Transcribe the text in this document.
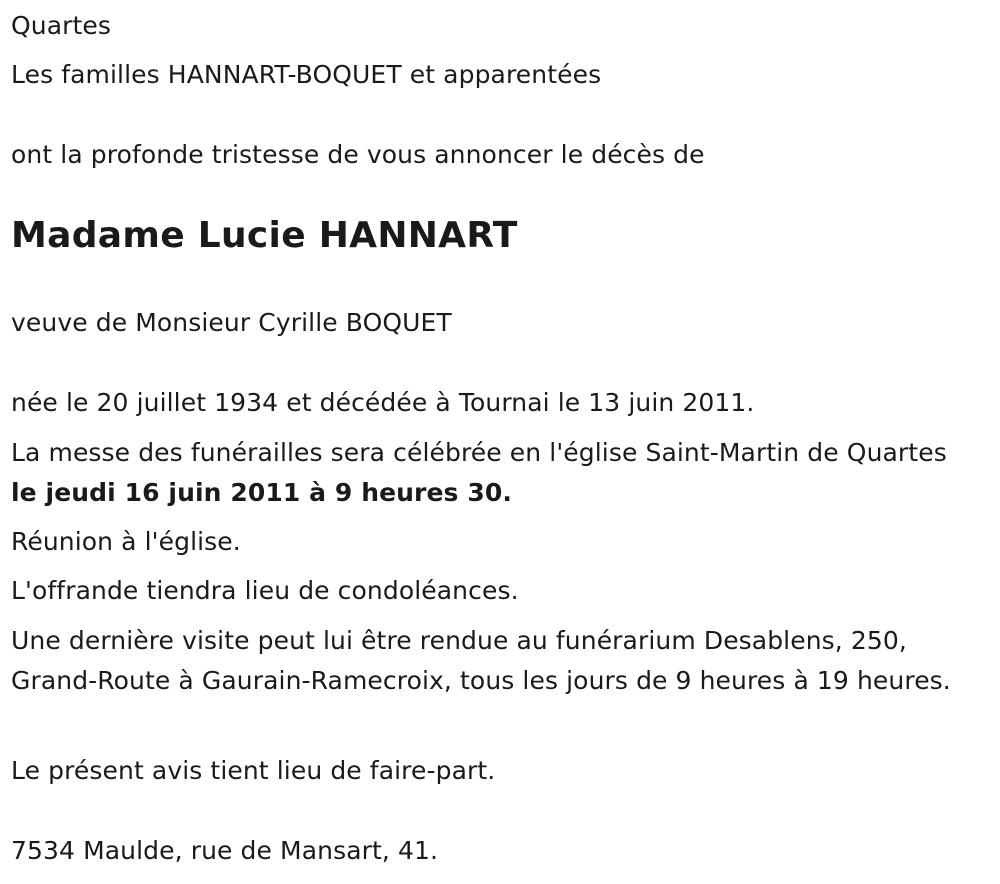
Quartes
Les familles HANNART-BOQUET et apparentées
ont la profonde tristesse de vous annoncer le décès de
Madame Lucie HANNART
veuve de Monsieur Cyrille BOQUET
née le 20 juillet 1934 et décédée à Tournai le 13 juin 2011.
La messe des funérailles sera célébrée en l'église Saint-Martin de Quartes le jeudi 16 juin 2011 à 9 heures 30.
Réunion à l'église.
L'offrande tiendra lieu de condoléances.
Une dernière visite peut lui être rendue au funérarium Desablens, 250, Grand-Route à Gaurain-Ramecroix, tous les jours de 9 heures à 19 heures.
Le présent avis tient lieu de faire-part.
7534 Maulde, rue de Mansart, 41.
